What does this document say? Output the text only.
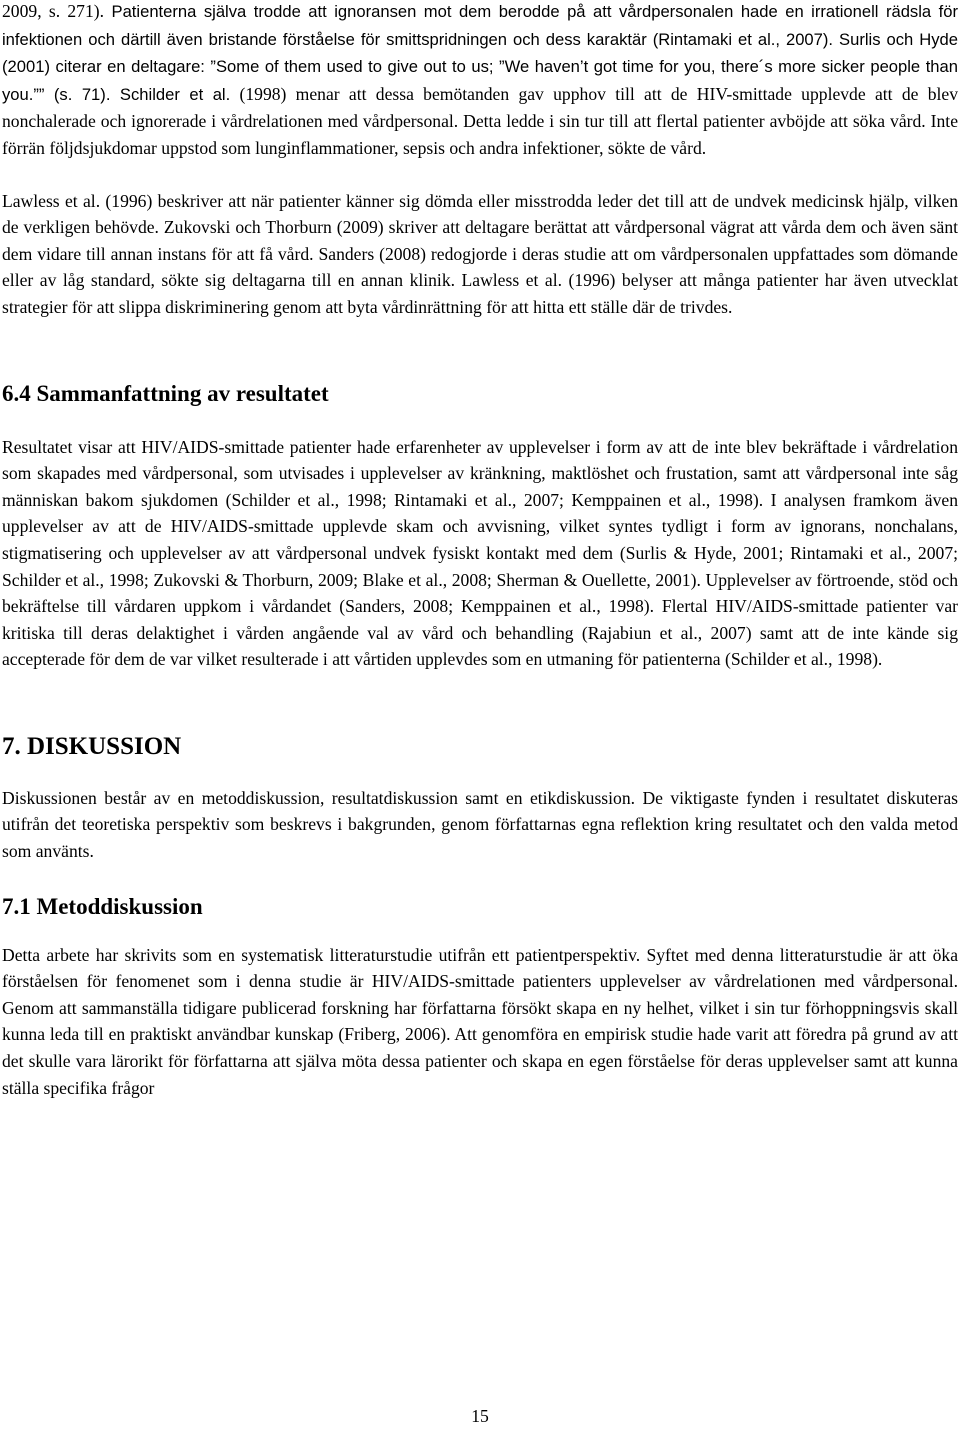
2009, s. 271). Patienterna själva trodde att ignoransen mot dem berodde på att vårdpersonalen hade en irrationell rädsla för infektionen och därtill även bristande förståelse för smittspridningen och dess karaktär (Rintamaki et al., 2007). Surlis och Hyde (2001) citerar en deltagare: ”Some of them used to give out to us; ”We haven’t got time for you, there´s more sicker people than you.”” (s. 71). Schilder et al. (1998) menar att dessa bemötanden gav upphov till att de HIV-smittade upplevde att de blev nonchalerade och ignorerade i vårdrelationen med vårdpersonal. Detta ledde i sin tur till att flertal patienter avböjde att söka vård. Inte förrän följdsjukdomar uppstod som lunginflammationer, sepsis och andra infektioner, sökte de vård.

Lawless et al. (1996) beskriver att när patienter känner sig dömda eller misstrodda leder det till att de undvek medicinsk hjälp, vilken de verkligen behövde. Zukovski och Thorburn (2009) skriver att deltagare berättat att vårdpersonal vägrat att vårda dem och även sänt dem vidare till annan instans för att få vård. Sanders (2008) redogjorde i deras studie att om vårdpersonalen uppfattades som dömande eller av låg standard, sökte sig deltagarna till en annan klinik. Lawless et al. (1996) belyser att många patienter har även utvecklat strategier för att slippa diskriminering genom att byta vårdinrättning för att hitta ett ställe där de trivdes.

6.4 Sammanfattning av resultatet

Resultatet visar att HIV/AIDS-smittade patienter hade erfarenheter av upplevelser i form av att de inte blev bekräftade i vårdrelation som skapades med vårdpersonal, som utvisades i upplevelser av kränkning, maktlöshet och frustation, samt att vårdpersonal inte såg människan bakom sjukdomen (Schilder et al., 1998; Rintamaki et al., 2007; Kemppainen et al., 1998). I analysen framkom även upplevelser av att de HIV/AIDS-smittade upplevde skam och avvisning, vilket syntes tydligt i form av ignorans, nonchalans, stigmatisering och upplevelser av att vårdpersonal undvek fysiskt kontakt med dem (Surlis & Hyde, 2001; Rintamaki et al., 2007; Schilder et al., 1998; Zukovski & Thorburn, 2009; Blake et al., 2008; Sherman & Ouellette, 2001). Upplevelser av förtroende, stöd och bekräftelse till vårdaren uppkom i vårdandet (Sanders, 2008; Kemppainen et al., 1998). Flertal HIV/AIDS-smittade patienter var kritiska till deras delaktighet i vården angående val av vård och behandling (Rajabiun et al., 2007) samt att de inte kände sig accepterade för dem de var vilket resulterade i att vårtiden upplevdes som en utmaning för patienterna (Schilder et al., 1998).

7. DISKUSSION

Diskussionen består av en metoddiskussion, resultatdiskussion samt en etikdiskussion. De viktigaste fynden i resultatet diskuteras utifrån det teoretiska perspektiv som beskrevs i bakgrunden, genom författarnas egna reflektion kring resultatet och den valda metod som använts.

7.1 Metoddiskussion

Detta arbete har skrivits som en systematisk litteraturstudie utifrån ett patientperspektiv. Syftet med denna litteraturstudie är att öka förståelsen för fenomenet som i denna studie är HIV/AIDS-smittade patienters upplevelser av vårdrelationen med vårdpersonal. Genom att sammanställa tidigare publicerad forskning har författarna försökt skapa en ny helhet, vilket i sin tur förhoppningsvis skall kunna leda till en praktiskt användbar kunskap (Friberg, 2006). Att genomföra en empirisk studie hade varit att föredra på grund av att det skulle vara lärorikt för författarna att själva möta dessa patienter och skapa en egen förståelse för deras upplevelser samt att kunna ställa specifika frågor

15
